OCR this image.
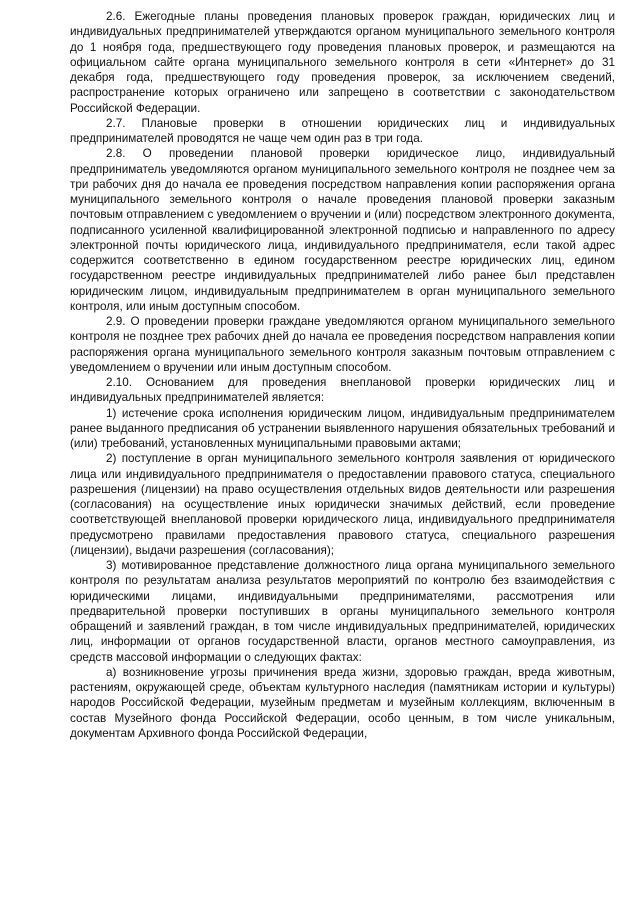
2.6. Ежегодные планы проведения плановых проверок граждан, юридических лиц и индивидуальных предпринимателей утверждаются органом муниципального земельного контроля до 1 ноября года, предшествующего году проведения плановых проверок, и размещаются на официальном сайте органа муниципального земельного контроля в сети «Интернет» до 31 декабря года, предшествующего году проведения проверок, за исключением сведений, распространение которых ограничено или запрещено в соответствии с законодательством Российской Федерации.

2.7. Плановые проверки в отношении юридических лиц и индивидуальных предпринимателей проводятся не чаще чем один раз в три года.

2.8. О проведении плановой проверки юридическое лицо, индивидуальный предприниматель уведомляются органом муниципального земельного контроля не позднее чем за три рабочих дня до начала ее проведения посредством направления копии распоряжения органа муниципального земельного контроля о начале проведения плановой проверки заказным почтовым отправлением с уведомлением о вручении и (или) посредством электронного документа, подписанного усиленной квалифицированной электронной подписью и направленного по адресу электронной почты юридического лица, индивидуального предпринимателя, если такой адрес содержится соответственно в едином государственном реестре юридических лиц, едином государственном реестре индивидуальных предпринимателей либо ранее был представлен юридическим лицом, индивидуальным предпринимателем в орган муниципального земельного контроля, или иным доступным способом.

2.9. О проведении проверки граждане уведомляются органом муниципального земельного контроля не позднее трех рабочих дней до начала ее проведения посредством направления копии распоряжения органа муниципального земельного контроля заказным почтовым отправлением с уведомлением о вручении или иным доступным способом.

2.10. Основанием для проведения внеплановой проверки юридических лиц и индивидуальных предпринимателей является:

1) истечение срока исполнения юридическим лицом, индивидуальным предпринимателем ранее выданного предписания об устранении выявленного нарушения обязательных требований и (или) требований, установленных муниципальными правовыми актами;

2) поступление в орган муниципального земельного контроля заявления от юридического лица или индивидуального предпринимателя о предоставлении правового статуса, специального разрешения (лицензии) на право осуществления отдельных видов деятельности или разрешения (согласования) на осуществление иных юридически значимых действий, если проведение соответствующей внеплановой проверки юридического лица, индивидуального предпринимателя предусмотрено правилами предоставления правового статуса, специального разрешения (лицензии), выдачи разрешения (согласования);

3) мотивированное представление должностного лица органа муниципального земельного контроля по результатам анализа результатов мероприятий по контролю без взаимодействия с юридическими лицами, индивидуальными предпринимателями, рассмотрения или предварительной проверки поступивших в органы муниципального земельного контроля обращений и заявлений граждан, в том числе индивидуальных предпринимателей, юридических лиц, информации от органов государственной власти, органов местного самоуправления, из средств массовой информации о следующих фактах:

а) возникновение угрозы причинения вреда жизни, здоровью граждан, вреда животным, растениям, окружающей среде, объектам культурного наследия (памятникам истории и культуры) народов Российской Федерации, музейным предметам и музейным коллекциям, включенным в состав Музейного фонда Российской Федерации, особо ценным, в том числе уникальным, документам Архивного фонда Российской Федерации,
